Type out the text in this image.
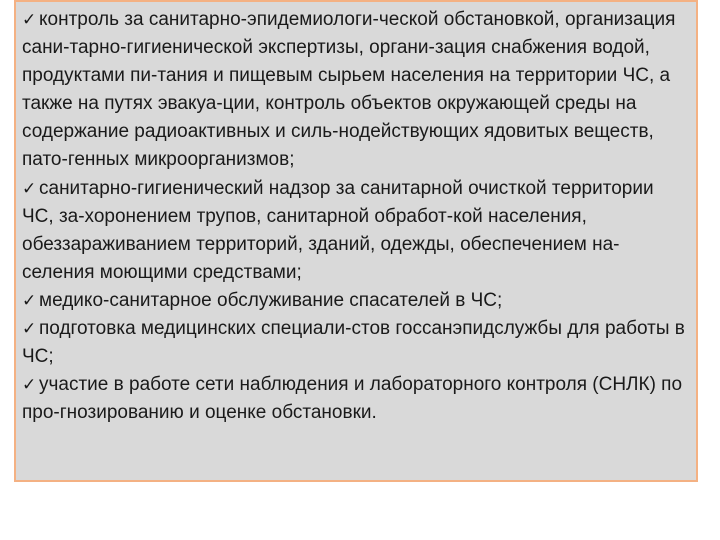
✓ контроль за санитарно-эпидемиологи-ческой обстановкой, организация сани-тарно-гигиенической экспертизы, органи-зация снабжения водой, продуктами пи-тания и пищевым сырьем населения на территории ЧС, а также на путях эвакуа-ции, контроль объектов окружающей среды на содержание радиоактивных и силь-нодействующих ядовитых веществ, пато-генных микроорганизмов;

✓ санитарно-гигиенический надзор за санитарной очисткой территории ЧС, за-хоронением трупов, санитарной обработ-кой населения, обеззараживанием территорий, зданий, одежды, обеспечением на-селения моющими средствами;

✓ медико-санитарное обслуживание спасателей в ЧС;

✓ подготовка медицинских специали-стов госсанэпидслужбы для работы в ЧС;

✓ участие в работе сети наблюдения и лабораторного контроля (СНЛК) по про-гнозированию и оценке обстановки.
